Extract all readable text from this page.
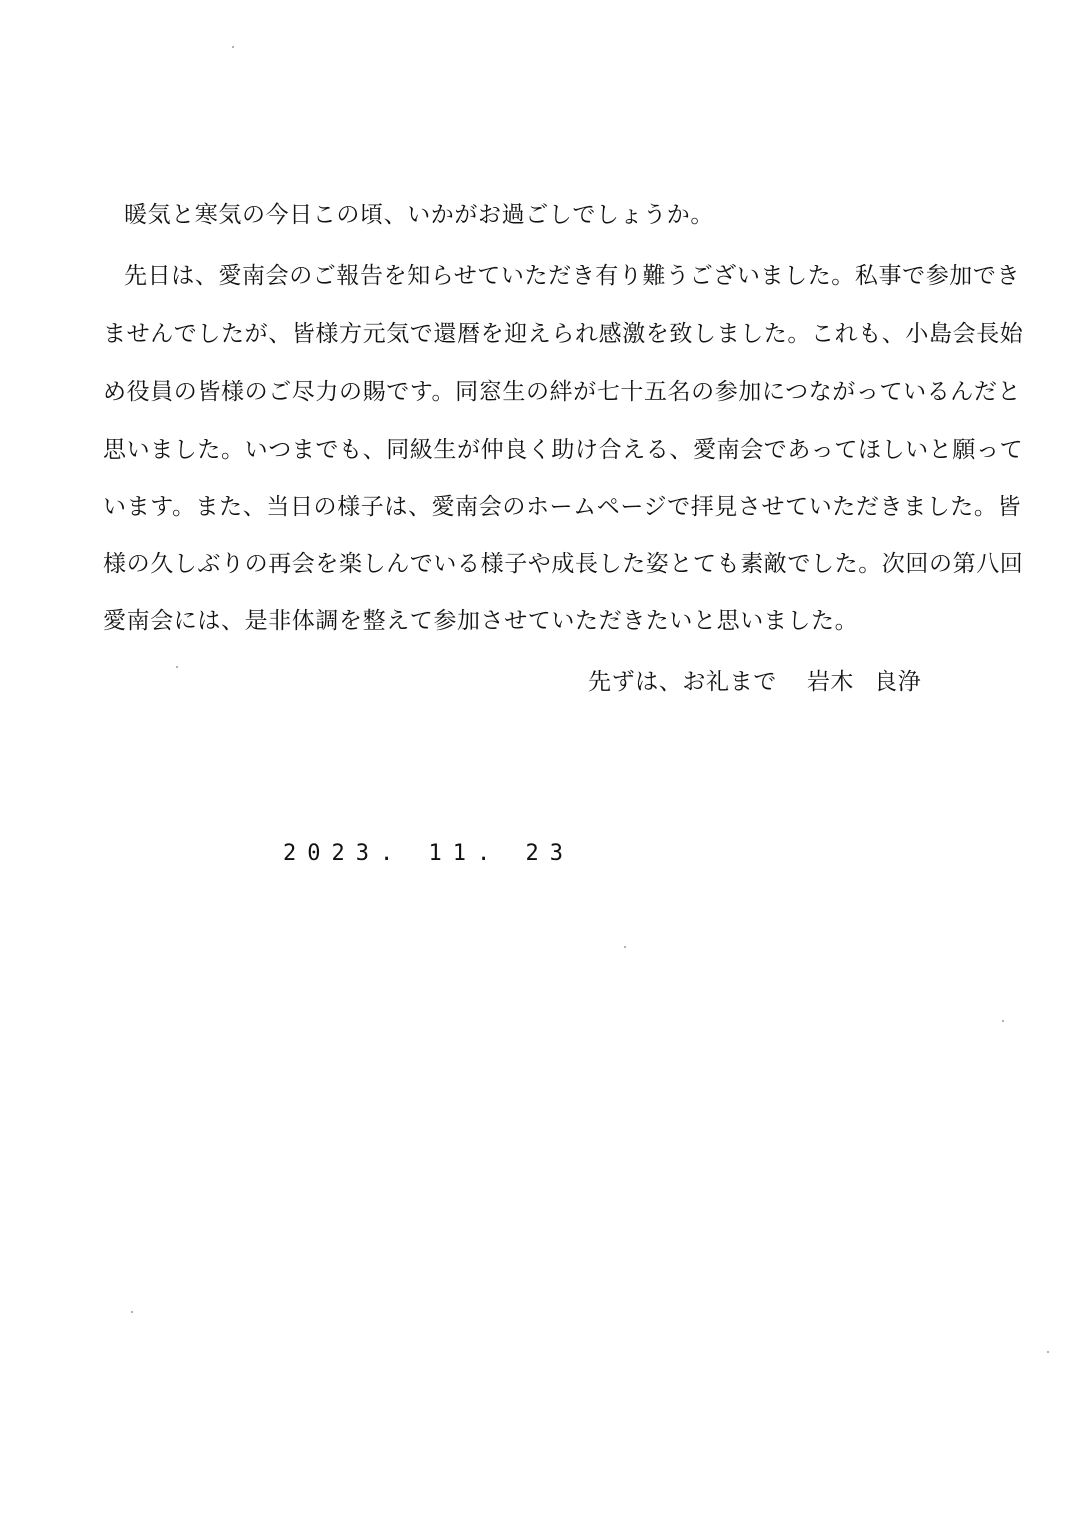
暖気と寒気の今日この頃、いかがお過ごしでしょうか。
先日は、愛南会のご報告を知らせていただき有り難うございました。私事で参加でき
ませんでしたが、皆様方元気で還暦を迎えられ感激を致しました。これも、小島会長始
め役員の皆様のご尽力の賜です。同窓生の絆が七十五名の参加につながっているんだと
思いました。いつまでも、同級生が仲良く助け合える、愛南会であってほしいと願って
います。また、当日の様子は、愛南会のホームページで拝見させていただきました。皆
様の久しぶりの再会を楽しんでいる様子や成長した姿とても素敵でした。次回の第八回
愛南会には、是非体調を整えて参加させていただきたいと思いました。
先ずは、お礼まで 岩木 良浄
2023. 11. 23
